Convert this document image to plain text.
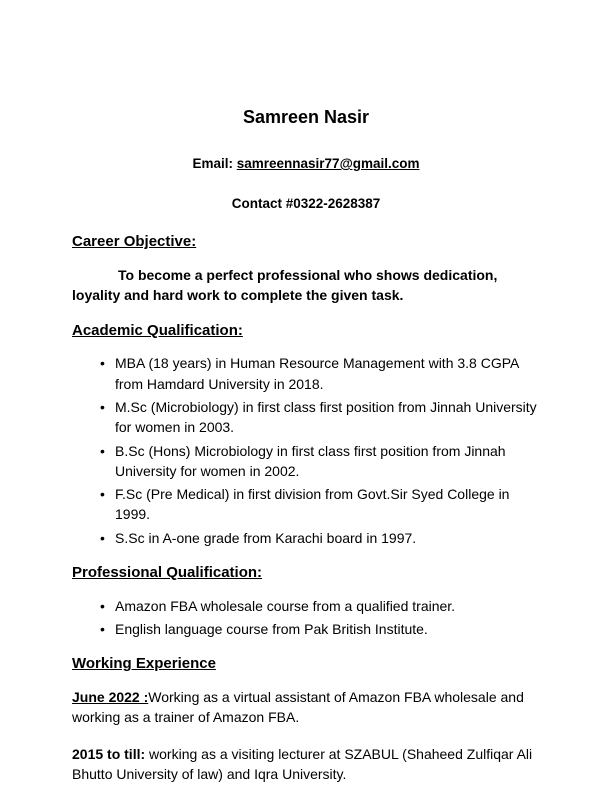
Samreen Nasir
Email: samreennasir77@gmail.com
Contact #0322-2628387
Career Objective:

To become a perfect professional who shows dedication, loyality and hard work to complete the given task.

Academic Qualification:
• MBA (18 years) in Human Resource Management with 3.8 CGPA from Hamdard University in 2018.
• M.Sc (Microbiology) in first class first position from Jinnah University for women in 2003.
• B.Sc (Hons) Microbiology in first class first position from Jinnah University for women in 2002.
• F.Sc (Pre Medical) in first division from Govt.Sir Syed College in 1999.
• S.Sc in A-one grade from Karachi board in 1997.
Professional Qualification:
• Amazon FBA wholesale course from a qualified trainer.
• English language course from Pak British Institute.
Working Experience

June 2022 :Working as a virtual assistant of Amazon FBA wholesale and working as a trainer of Amazon FBA.

2015 to till: working as a visiting lecturer at SZABUL (Shaheed Zulfiqar Ali Bhutto University of law) and Iqra University.
